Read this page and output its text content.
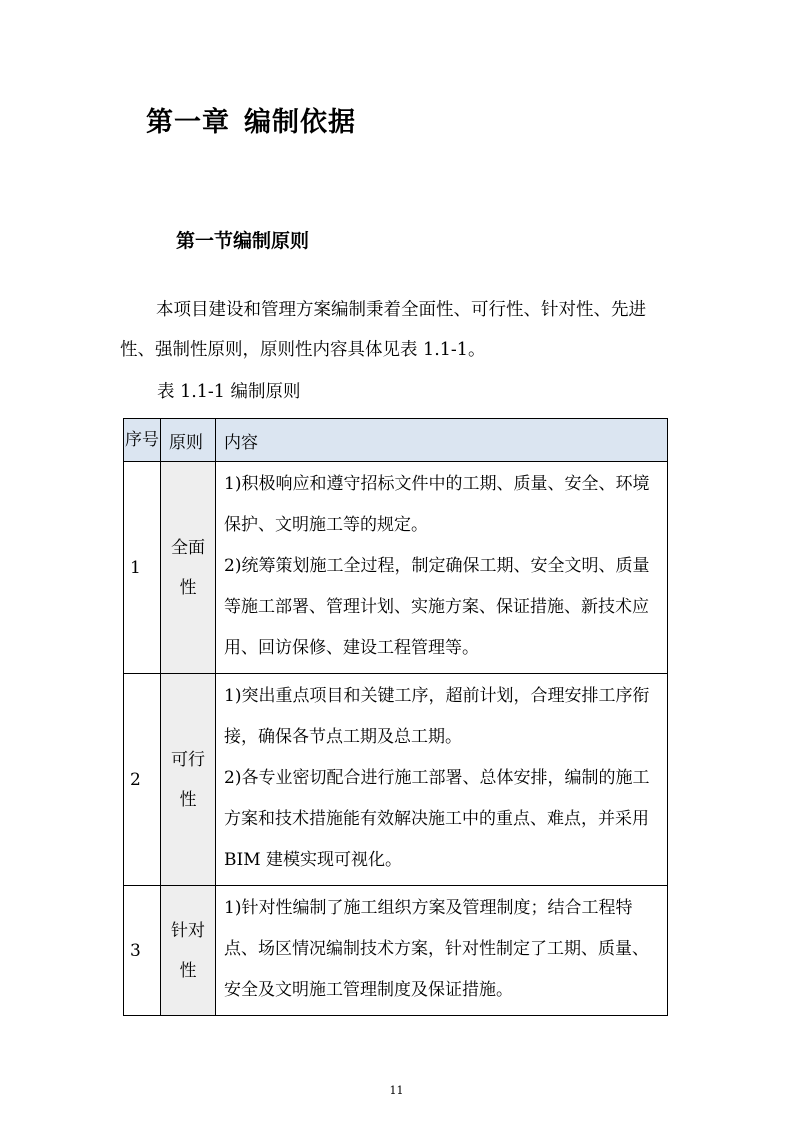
第一章 编制依据
第一节编制原则

本项目建设和管理方案编制秉着全面性、可行性、针对性、先进性、强制性原则，原则性内容具体见表 1.1-1。

表 1.1-1 编制原则

序号	原则	内容
1	全面性	1)积极响应和遵守招标文件中的工期、质量、安全、环境保护、文明施工等的规定。
2)统筹策划施工全过程，制定确保工期、安全文明、质量等施工部署、管理计划、实施方案、保证措施、新技术应用、回访保修、建设工程管理等。

2	可行性	1)突出重点项目和关键工序，超前计划，合理安排工序衔接，确保各节点工期及总工期。
2)各专业密切配合进行施工部署、总体安排，编制的施工方案和技术措施能有效解决施工中的重点、难点，并采用 BIM 建模实现可视化。

3	针对性	1)针对性编制了施工组织方案及管理制度；结合工程特点、场区情况编制技术方案，针对性制定了工期、质量、安全及文明施工管理制度及保证措施。

11
